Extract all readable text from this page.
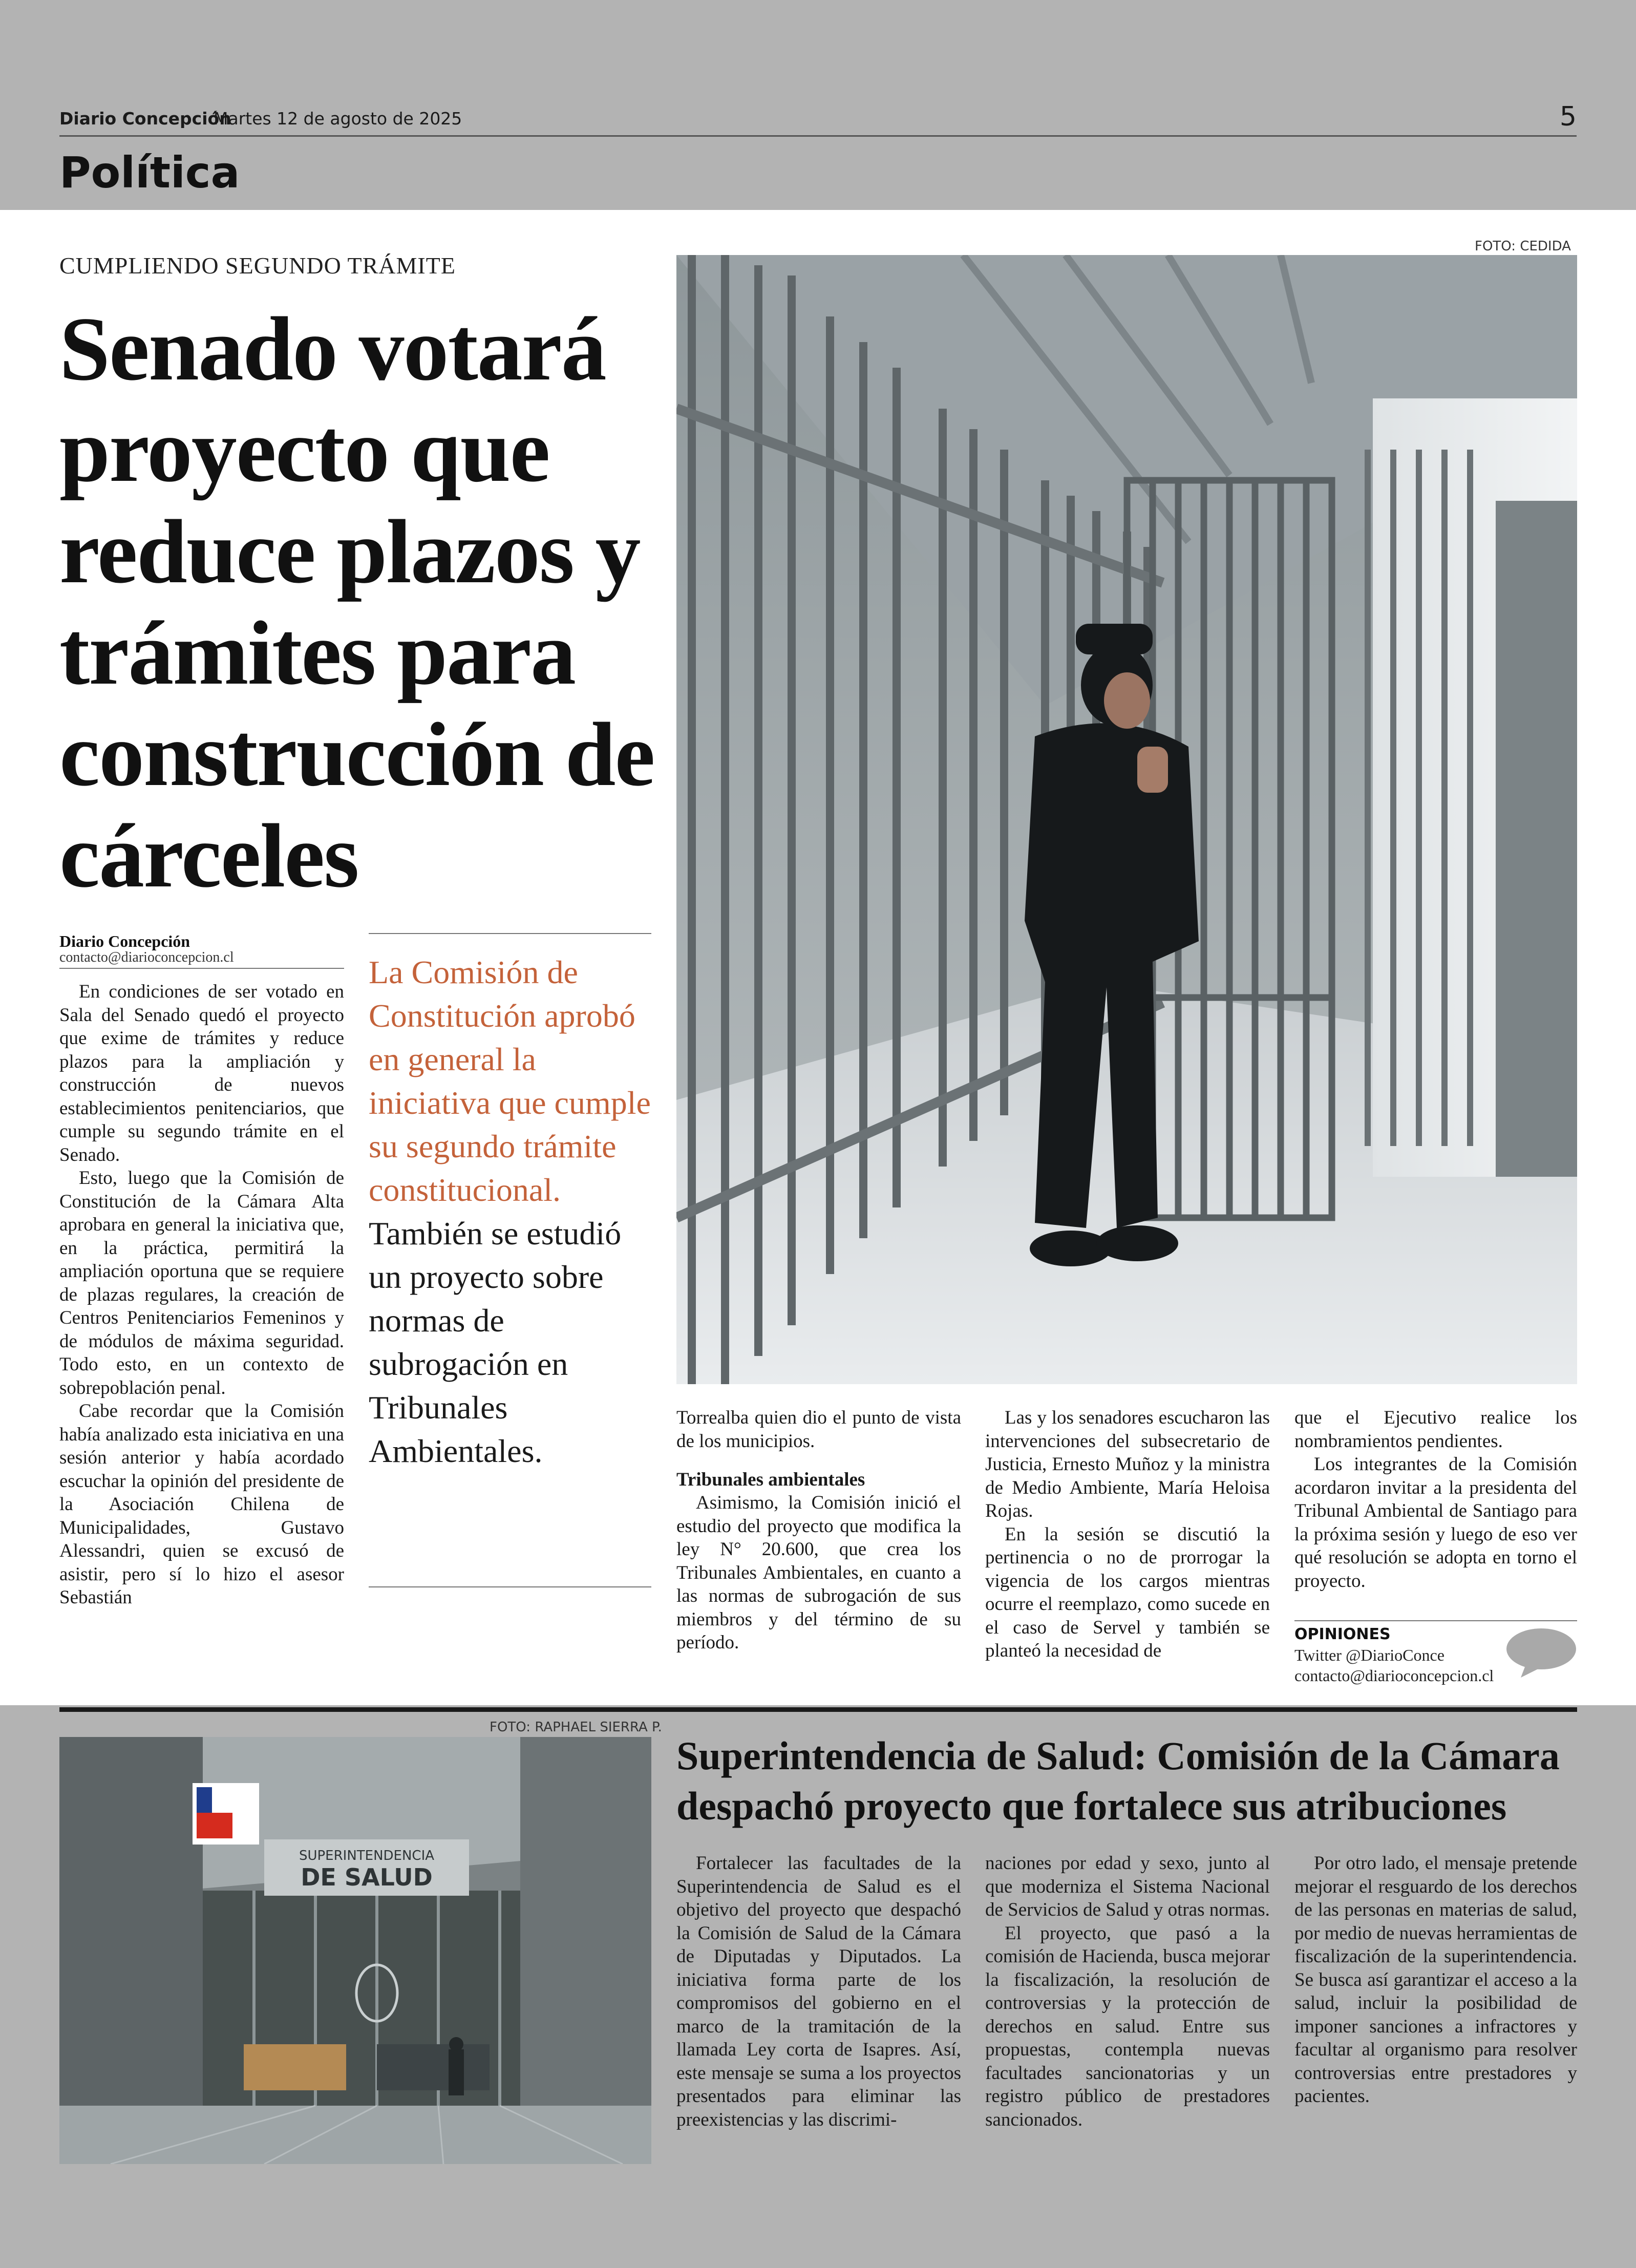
Diario Concepción
Martes 12 de agosto de 2025	5
Política
CUMPLIENDO SEGUNDO TRÁMITE
Senado votará proyecto que reduce plazos y trámites para construcción de cárceles
FOTO: CEDIDA
Diario Concepción
contacto@diarioconcepcion.cl

En condiciones de ser votado en Sala del Senado quedó el proyecto que exime de trámites y reduce plazos para la ampliación y construcción de nuevos establecimientos penitenciarios, que cumple su segundo trámite en el Senado.

Esto, luego que la Comisión de Constitución de la Cámara Alta aprobara en general la iniciativa que, en la práctica, permitirá la ampliación oportuna que se requiere de plazas regulares, la creación de Centros Penitenciarios Femeninos y de módulos de máxima seguridad. Todo esto, en un contexto de sobrepoblación penal.

Cabe recordar que la Comisión había analizado esta iniciativa en una sesión anterior y había acordado escuchar la opinión del presidente de la Asociación Chilena de Municipalidades, Gustavo Alessandri, quien se excusó de asistir, pero sí lo hizo el asesor Sebastián

La Comisión de Constitución aprobó en general la iniciativa que cumple su segundo trámite constitucional.
También se estudió un proyecto sobre normas de subrogación en Tribunales Ambientales.

Torrealba quien dio el punto de vista de los municipios.

Tribunales ambientales

Asimismo, la Comisión inició el estudio del proyecto que modifica la ley N° 20.600, que crea los Tribunales Ambientales, en cuanto a las normas de subrogación de sus miembros y del término de su período.

Las y los senadores escucharon las intervenciones del subsecretario de Justicia, Ernesto Muñoz y la ministra de Medio Ambiente, María Heloisa Rojas.

En la sesión se discutió la pertinencia o no de prorrogar la vigencia de los cargos mientras ocurre el reemplazo, como sucede en el caso de Servel y también se planteó la necesidad de

que el Ejecutivo realice los nombramientos pendientes.

Los integrantes de la Comisión acordaron invitar a la presidenta del Tribunal Ambiental de Santiago para la próxima sesión y luego de eso ver qué resolución se adopta en torno el proyecto.

OPINIONES
Twitter @DiarioConce
contacto@diarioconcepcion.cl
FOTO: RAPHAEL SIERRA P.
SUPERINTENDENCIA
DE SALUD
Superintendencia de Salud: Comisión de la Cámara despachó proyecto que fortalece sus atribuciones

Fortalecer las facultades de la Superintendencia de Salud es el objetivo del proyecto que despachó la Comisión de Salud de la Cámara de Diputadas y Diputados. La iniciativa forma parte de los compromisos del gobierno en el marco de la tramitación de la llamada Ley corta de Isapres. Así, este mensaje se suma a los proyectos presentados para eliminar las preexistencias y las discrimi-

naciones por edad y sexo, junto al que moderniza el Sistema Nacional de Servicios de Salud y otras normas.

El proyecto, que pasó a la comisión de Hacienda, busca mejorar la fiscalización, la resolución de controversias y la protección de derechos en salud. Entre sus propuestas, contempla nuevas facultades sancionatorias y un registro público de prestadores sancionados.

Por otro lado, el mensaje pretende mejorar el resguardo de los derechos de las personas en materias de salud, por medio de nuevas herramientas de fiscalización de la superintendencia. Se busca así garantizar el acceso a la salud, incluir la posibilidad de imponer sanciones a infractores y facultar al organismo para resolver controversias entre prestadores y pacientes.
